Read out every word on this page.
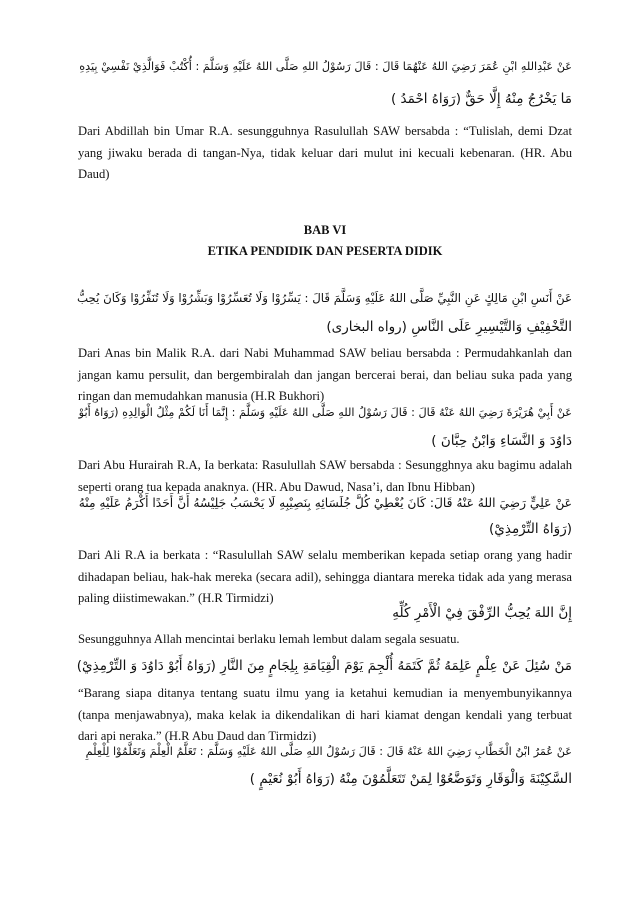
عَنْ عَبْدِاللهِ ابْنِ عُمَرَ رَضِيَ اللهُ عَنْهُمَا قَالَ : قَالَ رَسُوْلُ اللهِ صَلَّى اللهُ عَلَيْهِ وَسَلَّمَ : أُكْتُبْ فَوَالَّذِيْ نَفْسِيْ بِيَدِهِ
مَا يَخْرُجُ مِنْهُ إِلَّا حَقٌّ (رَوَاهُ احْمَدُ )
Dari Abdillah bin Umar R.A. sesungguhnya Rasulullah SAW bersabda : “Tulislah, demi Dzat yang jiwaku berada di tangan-Nya, tidak keluar dari mulut ini kecuali kebenaran. (HR. Abu Daud)
BAB VI
ETIKA PENDIDIK DAN PESERTA DIDIK
عَنْ أَنَسِ ابْنِ مَالِكٍ عَنِ النَّبِيِّ صَلَّى اللهُ عَلَيْهِ وَسَلَّمَ قَالَ : يَسِّرُوْا وَلَا تُعَسِّرُوْا وَبَشِّرُوْا وَلَا تُنَفِّرُوْا وَكَانَ يُحِبُّ
التَّخْفِيْفِ وَالتَّيْسِيرِ عَلَى النَّاسِ (رواه البخارى)
Dari Anas bin Malik R.A. dari Nabi Muhammad SAW beliau bersabda : Permudahkanlah dan jangan kamu persulit, dan bergembiralah dan jangan bercerai berai, dan beliau suka pada yang ringan dan memudahkan manusia (H.R Bukhori)
عَنْ أَبِيْ هُرَيْرَةَ رَضِيَ اللهُ عَنْهُ قَالَ : قَالَ رَسُوْلُ اللهِ صَلَّى اللهُ عَلَيْهِ وَسَلَّمَ : إِنَّمَا أَنَا لَكُمْ مِثْلُ الْوَالِدِهِ (رَوَاهُ أَبُوْ
دَاوُدَ وَ النَّسَاءِ وَابْنُ حِبَّانَ )
Dari Abu Hurairah R.A, Ia berkata: Rasulullah SAW bersabda : Sesungghnya aku bagimu adalah seperti orang tua kepada anaknya. (HR. Abu Dawud, Nasa’i, dan Ibnu Hibban)
عَنْ عَلِيٍّ رَضِيَ اللهُ عَنْهُ قَالَ: كَانَ يُعْطِيْ كُلَّ جُلَسَائِهِ بِنَصِيْبِهِ لَا يَحْسَبُ جَلِيْسُهُ أَنَّ أَحَدًا أَكْرَمُ عَلَيْهِ مِنْهُ
(رَوَاهُ التِّرْمِذِيْ)
Dari Ali R.A ia berkata : “Rasulullah SAW selalu memberikan kepada setiap orang yang hadir dihadapan beliau, hak-hak mereka (secara adil), sehingga diantara mereka tidak ada yang merasa paling diistimewakan.” (H.R Tirmidzi)
إِنَّ اللهَ يُحِبُّ الرِّفْقَ فِيْ الْأَمْرِ كُلِّهِ
Sesungguhnya Allah mencintai berlaku lemah lembut dalam segala sesuatu.
مَنْ سُئِلَ عَنْ عِلْمٍ عَلِمَهُ ثُمَّ كَتَمَهُ أُلْجِمَ يَوْمَ الْقِيَامَةِ بِلِجَامٍ مِنَ النَّارِ (رَوَاهُ أَبُوْ دَاوُدَ وَ التِّرْمِذِيْ)
“Barang siapa ditanya tentang suatu ilmu yang ia ketahui kemudian ia menyembunyikannya (tanpa menjawabnya), maka kelak ia dikendalikan di hari kiamat dengan kendali yang terbuat dari api neraka.” (H.R Abu Daud dan Tirmidzi)
عَنْ عُمَرُ ابْنُ الْخَطَّابِ رَضِيَ اللهُ عَنْهُ قَالَ : قَالَ رَسُوْلُ اللهِ صَلَّى اللهُ عَلَيْهِ وَسَلَّمَ : تَعَلَّمُ الْعِلْمَ وَتَعَلَّمُوْا لِلْعِلْمِ
السَّكِيْنَةَ وَالْوَقَارِ وَتَوَضَّعُوْا لِمَنْ تَتَعَلَّمُوْنَ مِنْهُ (رَوَاهُ أَبُوْ نُعَيْمٍ )
